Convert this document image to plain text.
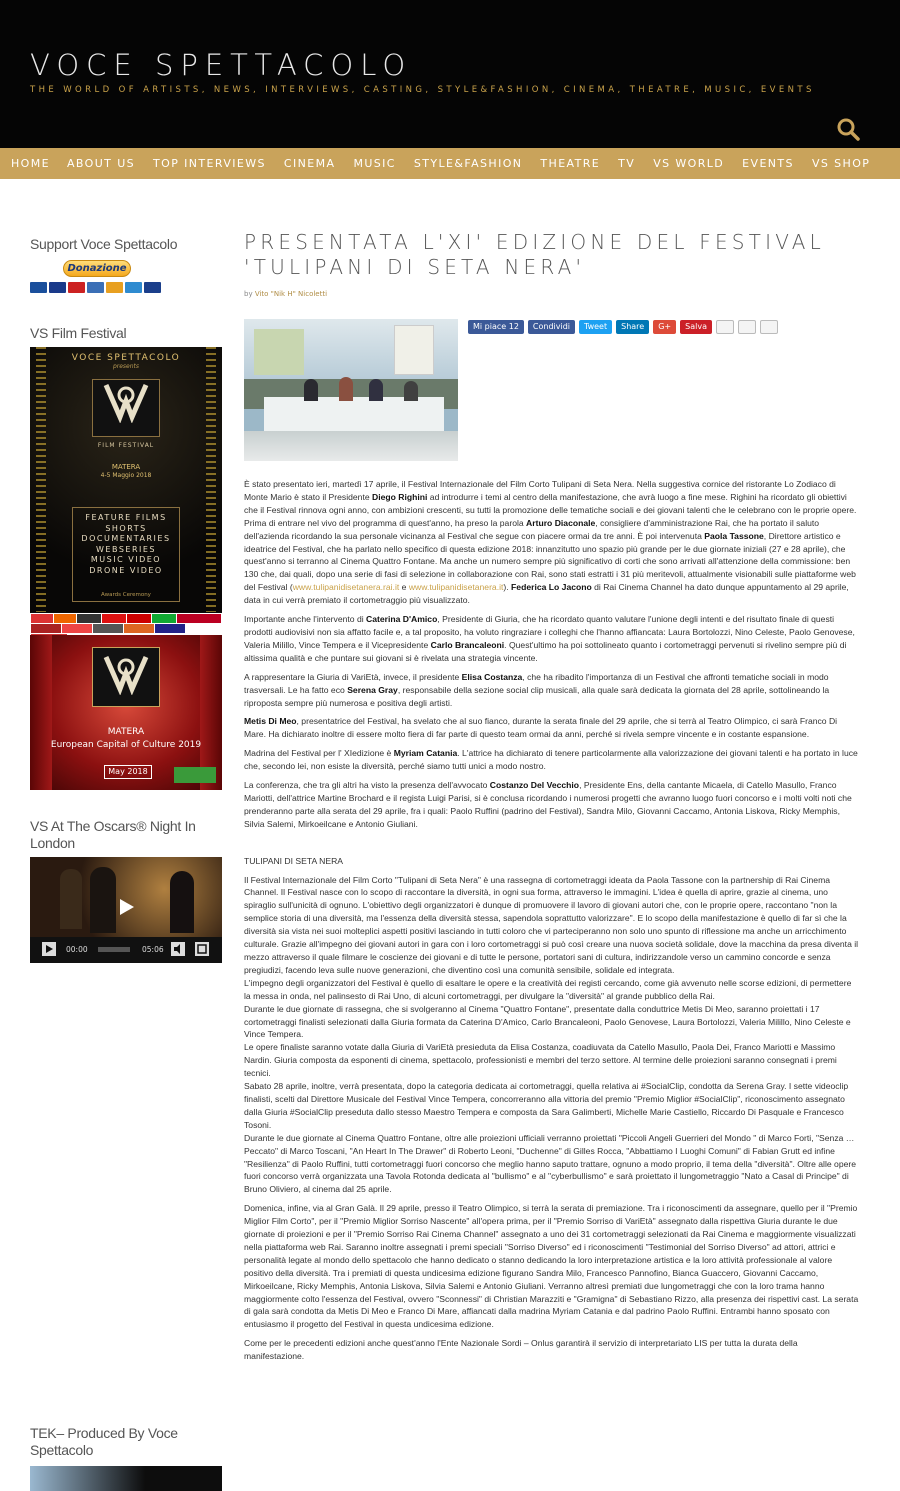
VOCE SPETTACOLO
THE WORLD OF ARTISTS, NEWS, INTERVIEWS, CASTING, STYLE&FASHION, CINEMA, THEATRE, MUSIC, EVENTS
HOME ABOUT US TOP INTERVIEWS CINEMA MUSIC STYLE&FASHION THEATRE TV VS WORLD EVENTS VS SHOP
Support Voce Spettacolo
VS Film Festival
VS At The Oscars® Night In London
Donazione
VOCE SPETTACOLO
presents
FILM FESTIVAL
MATERA
4-5 Maggio 2018
FEATURE FILMS
SHORTS
DOCUMENTARIES
WEBSERIES
MUSIC VIDEO
DRONE VIDEO
Awards Ceremony
MATERA
European Capital of Culture 2019
May 2018
00:00	05:06
TEK– Produced By Voce Spettacolo
PRESENTATA L'XI' EDIZIONE DEL FESTIVAL 'TULIPANI DI SETA NERA'
by Vito "Nik H" Nicoletti
Mi piace 12	Condividi	Tweet	Share	G+	Salva

È stato presentato ieri, martedì 17 aprile, il Festival Internazionale del Film Corto Tulipani di Seta Nera. Nella suggestiva cornice del ristorante Lo Zodiaco di Monte Mario è stato il Presidente Diego Righini ad introdurre i temi al centro della manifestazione, che avrà luogo a fine mese. Righini ha ricordato gli obiettivi che il Festival rinnova ogni anno, con ambizioni crescenti, su tutti la promozione delle tematiche sociali e dei giovani talenti che le celebrano con le proprie opere. Prima di entrare nel vivo del programma di quest'anno, ha preso la parola Arturo Diaconale, consigliere d'amministrazione Rai, che ha portato il saluto dell'azienda ricordando la sua personale vicinanza al Festival che segue con piacere ormai da tre anni. È poi intervenuta Paola Tassone, Direttore artistico e ideatrice del Festival, che ha parlato nello specifico di questa edizione 2018: innanzitutto uno spazio più grande per le due giornate iniziali (27 e 28 aprile), che quest'anno si terranno al Cinema Quattro Fontane. Ma anche un numero sempre più significativo di corti che sono arrivati all'attenzione della commissione: ben 130 che, dai quali, dopo una serie di fasi di selezione in collaborazione con Rai, sono stati estratti i 31 più meritevoli, attualmente visionabili sulle piattaforme web del Festival (www.tulipanidisetanera.rai.it e www.tulipanidisetanera.it). Federica Lo Jacono di Rai Cinema Channel ha dato dunque appuntamento al 29 aprile, data in cui verrà premiato il cortometraggio più visualizzato.

Importante anche l'intervento di Caterina D'Amico, Presidente di Giuria, che ha ricordato quanto valutare l'unione degli intenti e del risultato finale di questi prodotti audiovisivi non sia affatto facile e, a tal proposito, ha voluto ringraziare i colleghi che l'hanno affiancata: Laura Bortolozzi, Nino Celeste, Paolo Genovese, Valeria Milillo, Vince Tempera e il Vicepresidente Carlo Brancaleoni. Quest'ultimo ha poi sottolineato quanto i cortometraggi pervenuti si rivelino sempre più di altissima qualità e che puntare sui giovani si è rivelata una strategia vincente.

A rappresentare la Giuria di VariEtà, invece, il presidente Elisa Costanza, che ha ribadito l'importanza di un Festival che affronti tematiche sociali in modo trasversali. Le ha fatto eco Serena Gray, responsabile della sezione social clip musicali, alla quale sarà dedicata la giornata del 28 aprile, sottolineando la riproposta sempre più numerosa e positiva degli artisti.

Metis Di Meo, presentatrice del Festival, ha svelato che al suo fianco, durante la serata finale del 29 aprile, che si terrà al Teatro Olimpico, ci sarà Franco Di Mare. Ha dichiarato inoltre di essere molto fiera di far parte di questo team ormai da anni, perché si rivela sempre vincente e in costante espansione.

Madrina del Festival per l' XIedizione è Myriam Catania. L'attrice ha dichiarato di tenere particolarmente alla valorizzazione dei giovani talenti e ha portato in luce che, secondo lei, non esiste la diversità, perché siamo tutti unici a modo nostro.

La conferenza, che tra gli altri ha visto la presenza dell'avvocato Costanzo Del Vecchio, Presidente Ens, della cantante Micaela, di Catello Masullo, Franco Mariotti, dell'attrice Martine Brochard e il regista Luigi Parisi, si è conclusa ricordando i numerosi progetti che avranno luogo fuori concorso e i molti volti noti che prenderanno parte alla serata del 29 aprile, fra i quali: Paolo Ruffini (padrino del Festival), Sandra Milo, Giovanni Caccamo, Antonia Liskova, Ricky Memphis, Silvia Salemi, Mirkoeilcane e Antonio Giuliani.

TULIPANI DI SETA NERA

Il Festival Internazionale del Film Corto "Tulipani di Seta Nera" è una rassegna di cortometraggi ideata da Paola Tassone con la partnership di Rai Cinema Channel. Il Festival nasce con lo scopo di raccontare la diversità, in ogni sua forma, attraverso le immagini. L'idea è quella di aprire, grazie al cinema, uno spiraglio sull'unicità di ognuno. L'obiettivo degli organizzatori è dunque di promuovere il lavoro di giovani autori che, con le proprie opere, raccontano "non la semplice storia di una diversità, ma l'essenza della diversità stessa, sapendola soprattutto valorizzare". E lo scopo della manifestazione è quello di far sì che la diversità sia vista nei suoi molteplici aspetti positivi lasciando in tutti coloro che vi parteciperanno non solo uno spunto di riflessione ma anche un arricchimento culturale. Grazie all'impegno dei giovani autori in gara con i loro cortometraggi si può così creare una nuova società solidale, dove la macchina da presa diventa il mezzo attraverso il quale filmare le coscienze dei giovani e di tutte le persone, portatori sani di cultura, indirizzandole verso un cammino concorde e senza pregiudizi, facendo leva sulle nuove generazioni, che diventino così una comunità sensibile, solidale ed integrata.
L'impegno degli organizzatori del Festival è quello di esaltare le opere e la creatività dei registi cercando, come già avvenuto nelle scorse edizioni, di permettere la messa in onda, nel palinsesto di Rai Uno, di alcuni cortometraggi, per divulgare la "diversità" al grande pubblico della Rai.
Durante le due giornate di rassegna, che si svolgeranno al Cinema "Quattro Fontane", presentate dalla conduttrice Metis Di Meo, saranno proiettati i 17 cortometraggi finalisti selezionati dalla Giuria formata da Caterina D'Amico, Carlo Brancaleoni, Paolo Genovese, Laura Bortolozzi, Valeria Milillo, Nino Celeste e Vince Tempera.
Le opere finaliste saranno votate dalla Giuria di VariEtà presieduta da Elisa Costanza, coadiuvata da Catello Masullo, Paola Dei, Franco Mariotti e Massimo Nardin. Giuria composta da esponenti di cinema, spettacolo, professionisti e membri del terzo settore. Al termine delle proiezioni saranno consegnati i premi tecnici.
Sabato 28 aprile, inoltre, verrà presentata, dopo la categoria dedicata ai cortometraggi, quella relativa ai #SocialClip, condotta da Serena Gray. I sette videoclip finalisti, scelti dal Direttore Musicale del Festival Vince Tempera, concorreranno alla vittoria del premio "Premio Miglior #SocialClip", riconoscimento assegnato dalla Giuria #SocialClip preseduta dallo stesso Maestro Tempera e composta da Sara Galimberti, Michelle Marie Castiello, Riccardo Di Pasquale e Francesco Tosoni.
Durante le due giornate al Cinema Quattro Fontane, oltre alle proiezioni ufficiali verranno proiettati "Piccoli Angeli Guerrieri del Mondo " di Marco Forti, "Senza … Peccato" di Marco Toscani, "An Heart In The Drawer" di Roberto Leoni, "Duchenne" di Gilles Rocca, "Abbattiamo I Luoghi Comuni" di Fabian Grutt ed infine "Resilienza" di Paolo Ruffini, tutti cortometraggi fuori concorso che meglio hanno saputo trattare, ognuno a modo proprio, il tema della "diversità". Oltre alle opere fuori concorso verrà organizzata una Tavola Rotonda dedicata al "bullismo" e al "cyberbullismo" e sarà proiettato il lungometraggio "Nato a Casal di Principe" di Bruno Oliviero, al cinema dal 25 aprile.

Domenica, infine, via al Gran Galà. Il 29 aprile, presso il Teatro Olimpico, si terrà la serata di premiazione. Tra i riconoscimenti da assegnare, quello per il "Premio Miglior Film Corto", per il "Premio Miglior Sorriso Nascente" all'opera prima, per il "Premio Sorriso di VariEtà" assegnato dalla rispettiva Giuria durante le due giornate di proiezioni e per il "Premio Sorriso Rai Cinema Channel" assegnato a uno dei 31 cortometraggi selezionati da Rai Cinema e maggiormente visualizzati nella piattaforma web Rai. Saranno inoltre assegnati i premi speciali "Sorriso Diverso" ed i riconoscimenti "Testimonial del Sorriso Diverso" ad attori, attrici e personalità legate al mondo dello spettacolo che hanno dedicato o stanno dedicando la loro interpretazione artistica e la loro attività professionale al valore positivo della diversità. Tra i premiati di questa undicesima edizione figurano Sandra Milo, Francesco Pannofino, Bianca Guaccero, Giovanni Caccamo, Mirkoeilcane, Ricky Memphis, Antonia Liskova, Silvia Salemi e Antonio Giuliani. Verranno altresì premiati due lungometraggi che con la loro trama hanno maggiormente colto l'essenza del Festival, ovvero "Sconnessi" di Christian Marazziti e "Gramigna" di Sebastiano Rizzo, alla presenza dei rispettivi cast. La serata di gala sarà condotta da Metis Di Meo e Franco Di Mare, affiancati dalla madrina Myriam Catania e dal padrino Paolo Ruffini. Entrambi hanno sposato con entusiasmo il progetto del Festival in questa undicesima edizione.

Come per le precedenti edizioni anche quest'anno l'Ente Nazionale Sordi – Onlus garantirà il servizio di interpretariato LIS per tutta la durata della manifestazione.
